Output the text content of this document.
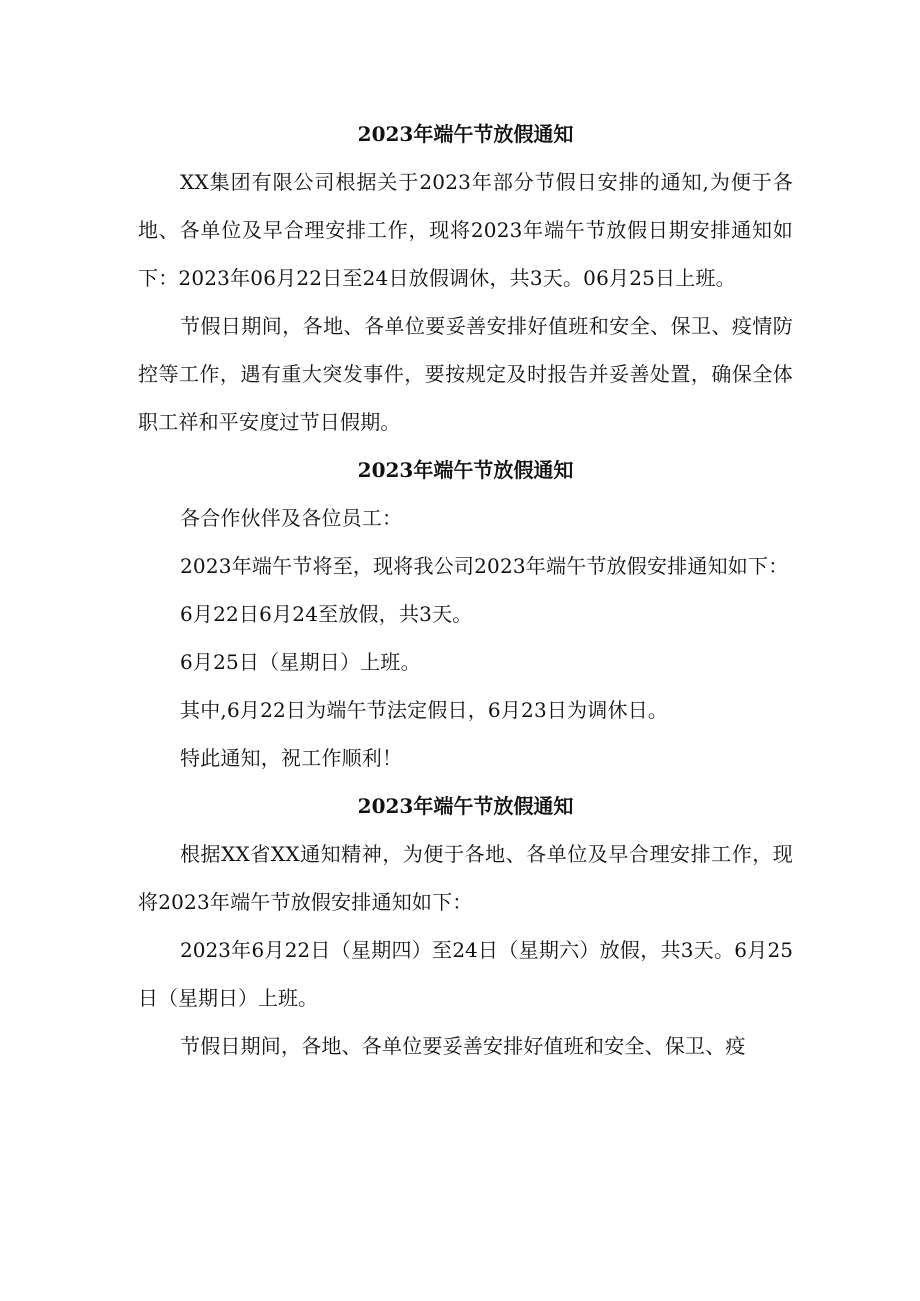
2023年端午节放假通知

XX集团有限公司根据关于2023年部分节假日安排的通知,为便于各地、各单位及早合理安排工作，现将2023年端午节放假日期安排通知如下：2023年06月22日至24日放假调休，共3天。06月25日上班。

节假日期间，各地、各单位要妥善安排好值班和安全、保卫、疫情防控等工作，遇有重大突发事件，要按规定及时报告并妥善处置，确保全体职工祥和平安度过节日假期。

2023年端午节放假通知

各合作伙伴及各位员工：

2023年端午节将至，现将我公司2023年端午节放假安排通知如下：

6月22日6月24至放假，共3天。

6月25日（星期日）上班。

其中,6月22日为端午节法定假日，6月23日为调休日。

特此通知，祝工作顺利！

2023年端午节放假通知

根据XX省XX通知精神，为便于各地、各单位及早合理安排工作，现将2023年端午节放假安排通知如下：

2023年6月22日（星期四）至24日（星期六）放假，共3天。6月25日（星期日）上班。

节假日期间，各地、各单位要妥善安排好值班和安全、保卫、疫
